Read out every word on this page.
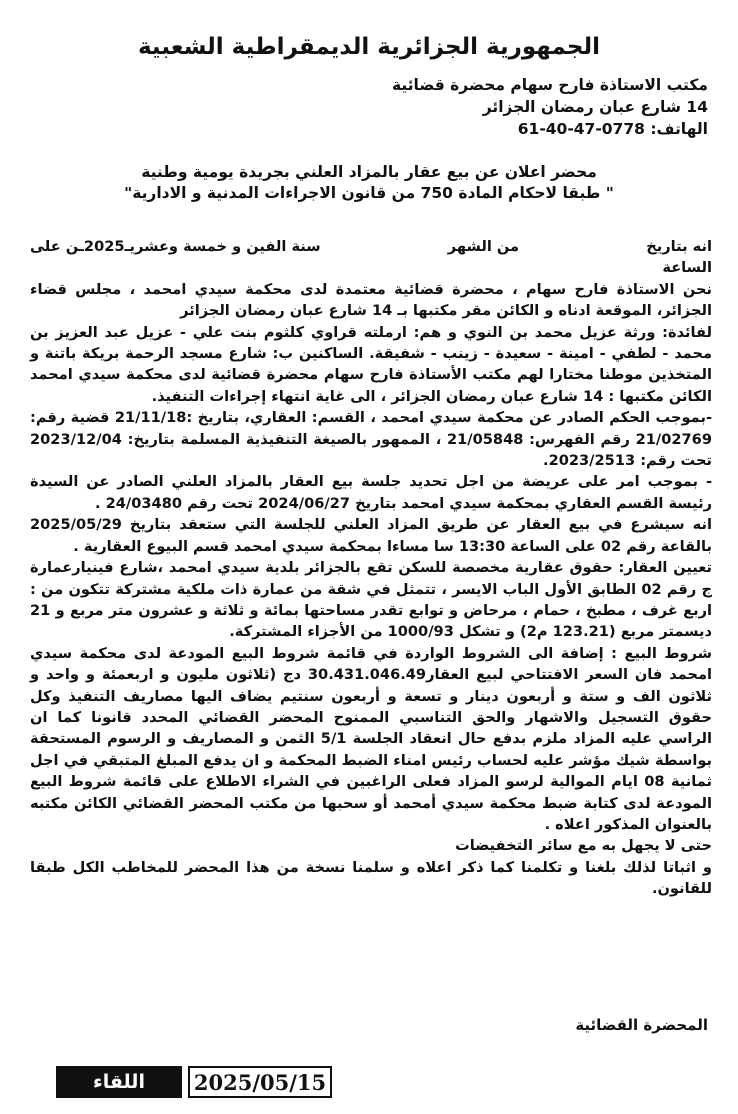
الجمهورية الجزائرية الديمقراطية الشعبية
مكتب الاستاذة فارح سهام محضرة قضائية
14 شارع عبان رمضان الجزائر
الهاتف: 61-40-47-0778
محضر اعلان عن بيع عقار بالمزاد العلني بجريدة يومية وطنية
" طبقا لاحكام المادة 750 من قانون الاجراءات المدنية و الادارية"
انه بتاريخ
من الشهر
سنة الفين و خمسة وعشريـ2025ـن على

الساعة

نحن الاستاذة فارح سهام ، محضرة قضائية معتمدة لدى محكمة سيدي امحمد ، مجلس قضاء الجزائر، الموقعة ادناه و الكائن مقر مكتبها بـ 14 شارع عبان رمضان الجزائر

لفائدة: ورثة عزيل محمد بن النوي و هم: ارملته قراوي كلثوم بنت علي - عزيل عبد العزيز بن محمد - لطفي - امينة - سعيدة - زينب - شفيقة. الساكنين ب: شارع مسجد الرحمة بريكة باتنة و المتخذين موطنا مختارا لهم مكتب الأستاذة فارح سهام محضرة قضائية لدى محكمة سيدي امحمد الكائن مكتبها : 14 شارع عبان رمضان الجزائر ، الى غاية انتهاء إجراءات التنفيذ.

-بموجب الحكم الصادر عن محكمة سيدي امحمد ، القسم: العقاري، بتاريخ :21/11/18 قضية رقم: 21/02769 رقم الفهرس: 21/05848 ، الممهور بالصيغة التنفيذية المسلمة بتاريخ: 2023/12/04 تحت رقم: 2023/2513.

- بموجب امر على عريضة من اجل تحديد جلسة بيع العقار بالمزاد العلني الصادر عن السيدة رئيسة القسم العقاري بمحكمة سيدي امحمد بتاريخ 2024/06/27 تحت رقم 24/03480 .

انه سيشرع في بيع العقار عن طريق المزاد العلني للجلسة التي ستعقد بتاريخ 2025/05/29 بالقاعة رقم 02 على الساعة 13:30 سا مساءا بمحكمة سيدي امحمد قسم البيوع العقارية .

تعيين العقار: حقوق عقارية مخصصة للسكن تقع بالجزائر بلدية سيدي امحمد ،شارع فينيارعمارة ج رقم 02 الطابق الأول الباب الايسر ، تتمثل في شقة من عمارة ذات ملكية مشتركة تتكون من : اربع غرف ، مطبخ ، حمام ، مرحاض و توابع تقدر مساحتها بمائة و ثلاثة و عشرون متر مربع و 21 ديسمتر مربع (123.21 م2) و تشكل 1000/93 من الأجزاء المشتركة.

شروط البيع : إضافة الى الشروط الواردة في قائمة شروط البيع المودعة لدى محكمة سيدي امحمد فان السعر الافتتاحي لبيع العقار30.431.046.49 دج (ثلاثون مليون و اربعمئة و واحد و ثلاثون الف و ستة و أربعون دينار و تسعة و أربعون سنتيم يضاف اليها مصاريف التنفيذ وكل حقوق التسجيل والاشهار والحق التناسبي الممنوح المحضر القضائي المحدد قانونا كما ان الراسي عليه المزاد ملزم بدفع حال انعقاد الجلسة 5/1 الثمن و المصاريف و الرسوم المستحقة بواسطة شيك مؤشر عليه لحساب رئيس امناء الضبط المحكمة و ان يدفع المبلغ المتبقي في اجل ثمانية 08 ايام الموالية لرسو المزاد فعلى الراغبين في الشراء الاطلاع على قائمة شروط البيع المودعة لدى كتابة ضبط محكمة سيدي أمحمد أو سحبها من مكتب المحضر القضائي الكائن مكتبه بالعنوان المذكور اعلاه .

حتى لا يجهل به مع سائر التخفيضات

و اثباتا لذلك بلغنا و تكلمنا كما ذكر اعلاه و سلمنا نسخة من هذا المحضر للمخاطب الكل طبقا للقانون.

المحضرة القضائية
اللقاء	2025/05/15
